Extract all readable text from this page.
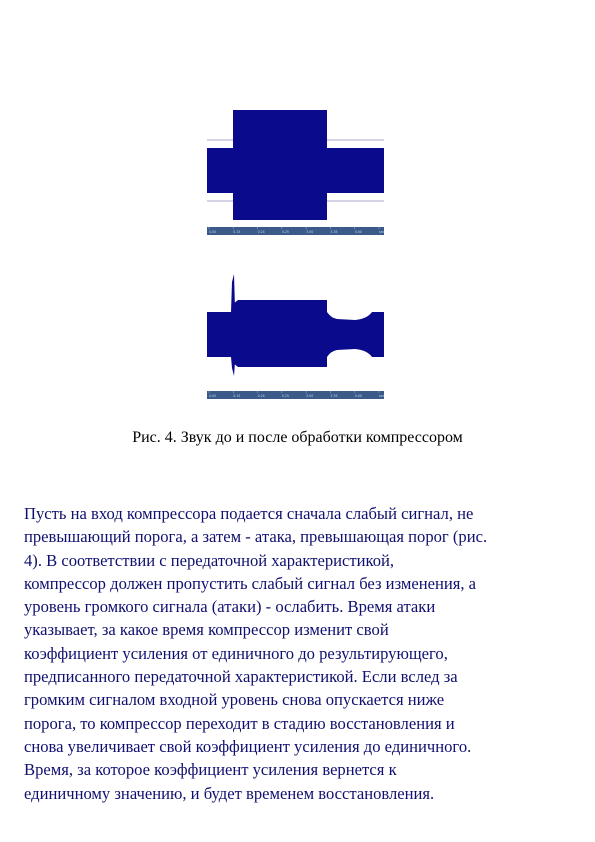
0.00	0.15	0.24	0.25	3.00	3.35	0.00	sec
0.00	0.15	0.24	0.25	3.00	3.35	0.00	sec
Рис. 4. Звук до и после обработки компрессором

Пусть на вход компрессора подается сначала слабый сигнал, не
превышающий порога, а затем - атака, превышающая порог (рис.
4). В соответствии с передаточной характеристикой,
компрессор должен пропустить слабый сигнал без изменения, а
уровень громкого сигнала (атаки) - ослабить. Время атаки
указывает, за какое время компрессор изменит свой
коэффициент усиления от единичного до результирующего,
предписанного передаточной характеристикой. Если вслед за
громким сигналом входной уровень снова опускается ниже
порога, то компрессор переходит в стадию восстановления и
снова увеличивает свой коэффициент усиления до единичного.
Время, за которое коэффициент усиления вернется к
единичному значению, и будет временем восстановления.
